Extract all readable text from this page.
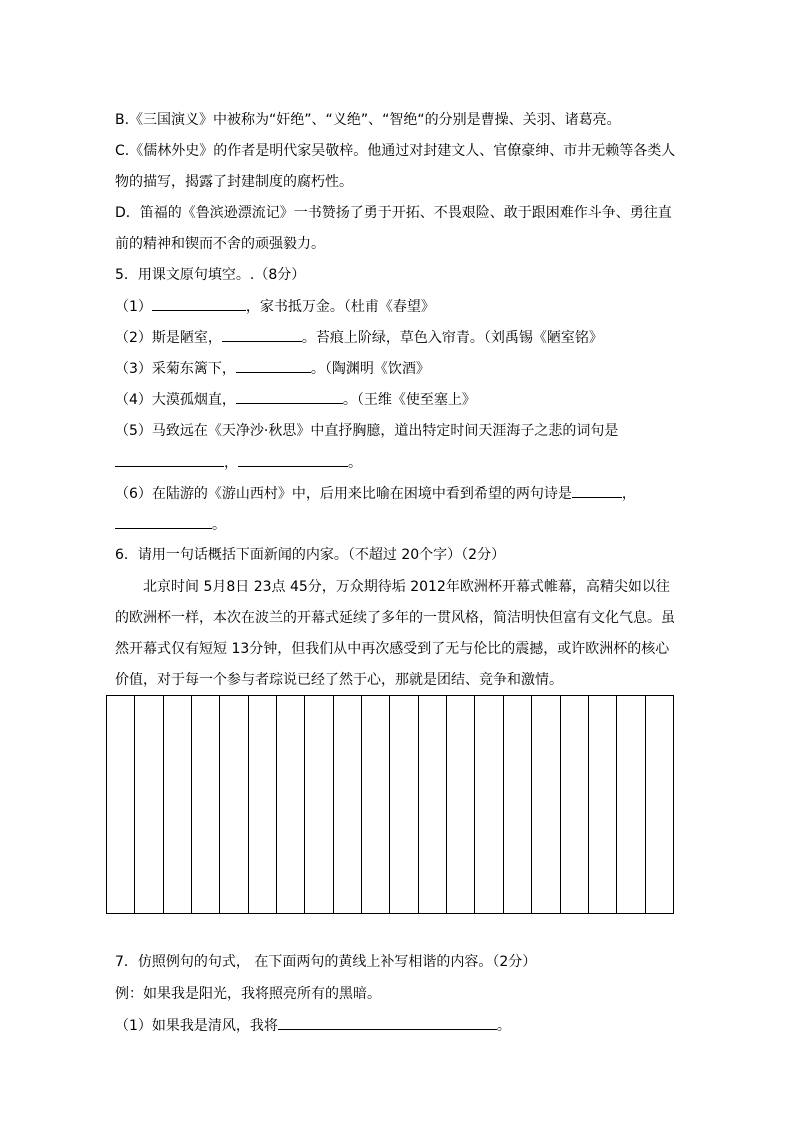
B.《三国演义》中被称为“奸绝”、“义绝”、“智绝“的分别是曹操、关羽、诸葛亮。
C.《儒林外史》的作者是明代家吴敬梓。他通过对封建文人、官僚豪绅、市井无赖等各类人
物的描写，揭露了封建制度的腐朽性。
D．笛福的《鲁滨逊漂流记》一书赞扬了勇于开拓、不畏艰险、敢于跟困难作斗争、勇往直
前的精神和锲而不舍的顽强毅力。
5．用课文原句填空。.（8分）
（1）	，家书抵万金。（杜甫《春望》
（2）斯是陋室，	。苔痕上阶绿，草色入帘青。（刘禹锡《陋室铭》
（3）采菊东篱下，	。（陶渊明《饮酒》
（4）大漠孤烟直，	。（王维《使至塞上》
（5）马致远在《天净沙·秋思》中直抒胸臆，道出特定时间天涯海子之悲的词句是
，	。
（6）在陆游的《游山西村》中，后用来比喻在困境中看到希望的两句诗是	，
。
6．请用一句话概括下面新闻的内家。（不超过 20个字）（2分）
北京时间 5月8日 23点 45分，万众期待垢 2012年欧洲杯开幕式帷幕，高精尖如以往
的欧洲杯一样，本次在波兰的开幕式延续了多年的一贯风格，简洁明快但富有文化气息。虽
然开幕式仅有短短 13分钟，但我们从中再次感受到了无与伦比的震撼，或许欧洲杯的核心
价值，对于每一个参与者琮说已经了然于心，那就是团结、竞争和激情。
7．仿照例句的句式， 在下面两句的黄线上补写相谐的内容。（2分）
例：如果我是阳光，我将照亮所有的黑暗。
（1）如果我是清风，我将	。
